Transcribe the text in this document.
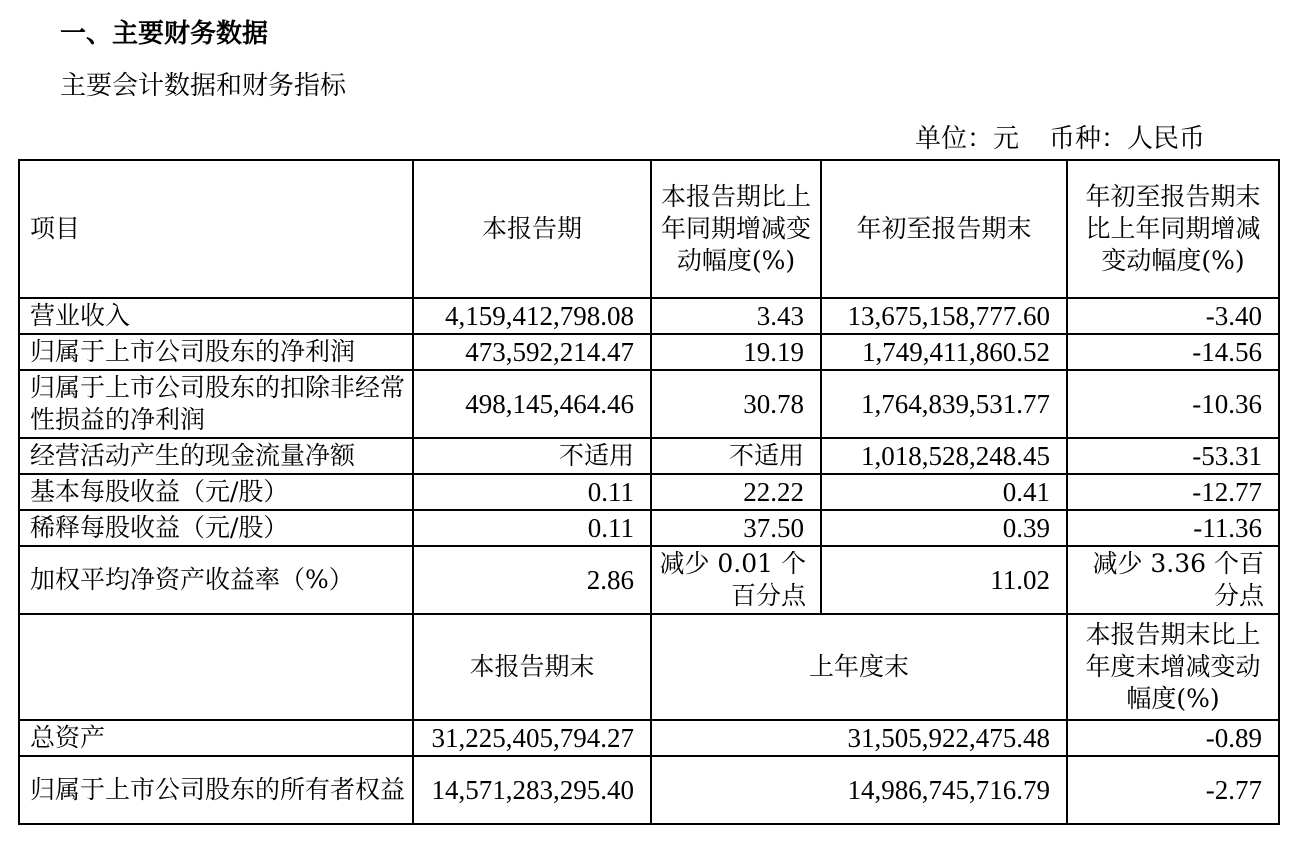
一、主要财务数据
主要会计数据和财务指标
单位：元 币种：人民币
项目	本报告期	本报告期比上年同期增减变动幅度(%)	年初至报告期末	年初至报告期末比上年同期增减变动幅度(%)
营业收入	4,159,412,798.08	3.43	13,675,158,777.60	-3.40
归属于上市公司股东的净利润	473,592,214.47	19.19	1,749,411,860.52	-14.56
归属于上市公司股东的扣除非经常性损益的净利润	498,145,464.46	30.78	1,764,839,531.77	-10.36
经营活动产生的现金流量净额	不适用	不适用	1,018,528,248.45	-53.31
基本每股收益（元/股）	0.11	22.22	0.41	-12.77
稀释每股收益（元/股）	0.11	37.50	0.39	-11.36
加权平均净资产收益率（%）	2.86	减少 0.01 个百分点	11.02	减少 3.36 个百分点
	本报告期末	上年度末		本报告期末比上年度末增减变动幅度(%)
总资产	31,225,405,794.27	31,505,922,475.48		-0.89
归属于上市公司股东的所有者权益	14,571,283,295.40	14,986,745,716.79		-2.77
